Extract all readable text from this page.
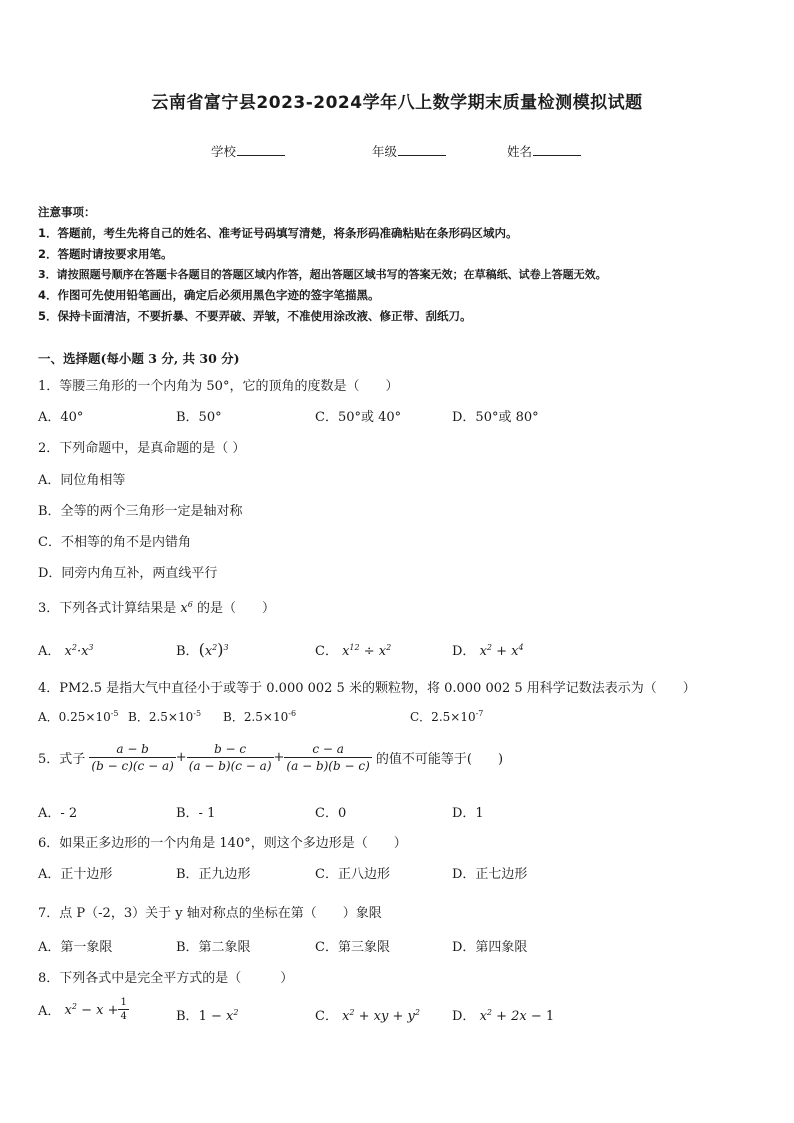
云南省富宁县2023-2024学年八上数学期末质量检测模拟试题
学校	年级	姓名
注意事项：
1．答题前，考生先将自己的姓名、准考证号码填写清楚，将条形码准确粘贴在条形码区域内。
2．答题时请按要求用笔。
3．请按照题号顺序在答题卡各题目的答题区域内作答，超出答题区域书写的答案无效；在草稿纸、试卷上答题无效。
4．作图可先使用铅笔画出，确定后必须用黑色字迹的签字笔描黑。
5．保持卡面清洁，不要折暴、不要弄破、弄皱，不准使用涂改液、修正带、刮纸刀。
一、选择题(每小题 3 分, 共 30 分)
1．等腰三角形的一个内角为 50°，它的顶角的度数是（　　）
A．40°	B．50°	C．50°或 40°	D．50°或 80°
2．下列命题中，是真命题的是（ ）
A．同位角相等
B．全等的两个三角形一定是轴对称
C．不相等的角不是内错角
D．同旁内角互补，两直线平行
3．下列各式计算结果是 $x^6$ 的是（　　）
A． $x^2\cdot x^3$	B．$(x^2)^3$	C． $x^{12} \div x^2$	D． $x^2 + x^4$
4．PM2.5 是指大气中直径小于或等于 0.000 002 5 米的颗粒物，将 0.000 002 5 用科学记数法表示为（　　）
A．$0.25\times 10^{-5}$ B．$2.5\times 10^{-5}$ B．$2.5\times 10^{-6}$	C．$2.5\times 10^{-7}$
5．式子 $\frac{a - b}{(b - c)(c - a)} + \frac{b - c}{(a - b)(c - a)} + \frac{c - a}{(a - b)(b - c)}$ 的值不可能等于(　　)
A．- 2	B．- 1	C．0	D．1
6．如果正多边形的一个内角是 140°，则这个多边形是（　　）
A．正十边形	B．正九边形	C．正八边形	D．正七边形
7．点 P（-2，3）关于 y 轴对称点的坐标在第（　　）象限
A．第一象限	B．第二象限	C．第三象限	D．第四象限
8．下列各式中是完全平方式的是（　　　）
A． $x^2 - x + \frac{1}{4}$	B．$1 - x^2$	C． $x^2$ + xy + $y^2$ D． $x^2 + 2x - 1$
